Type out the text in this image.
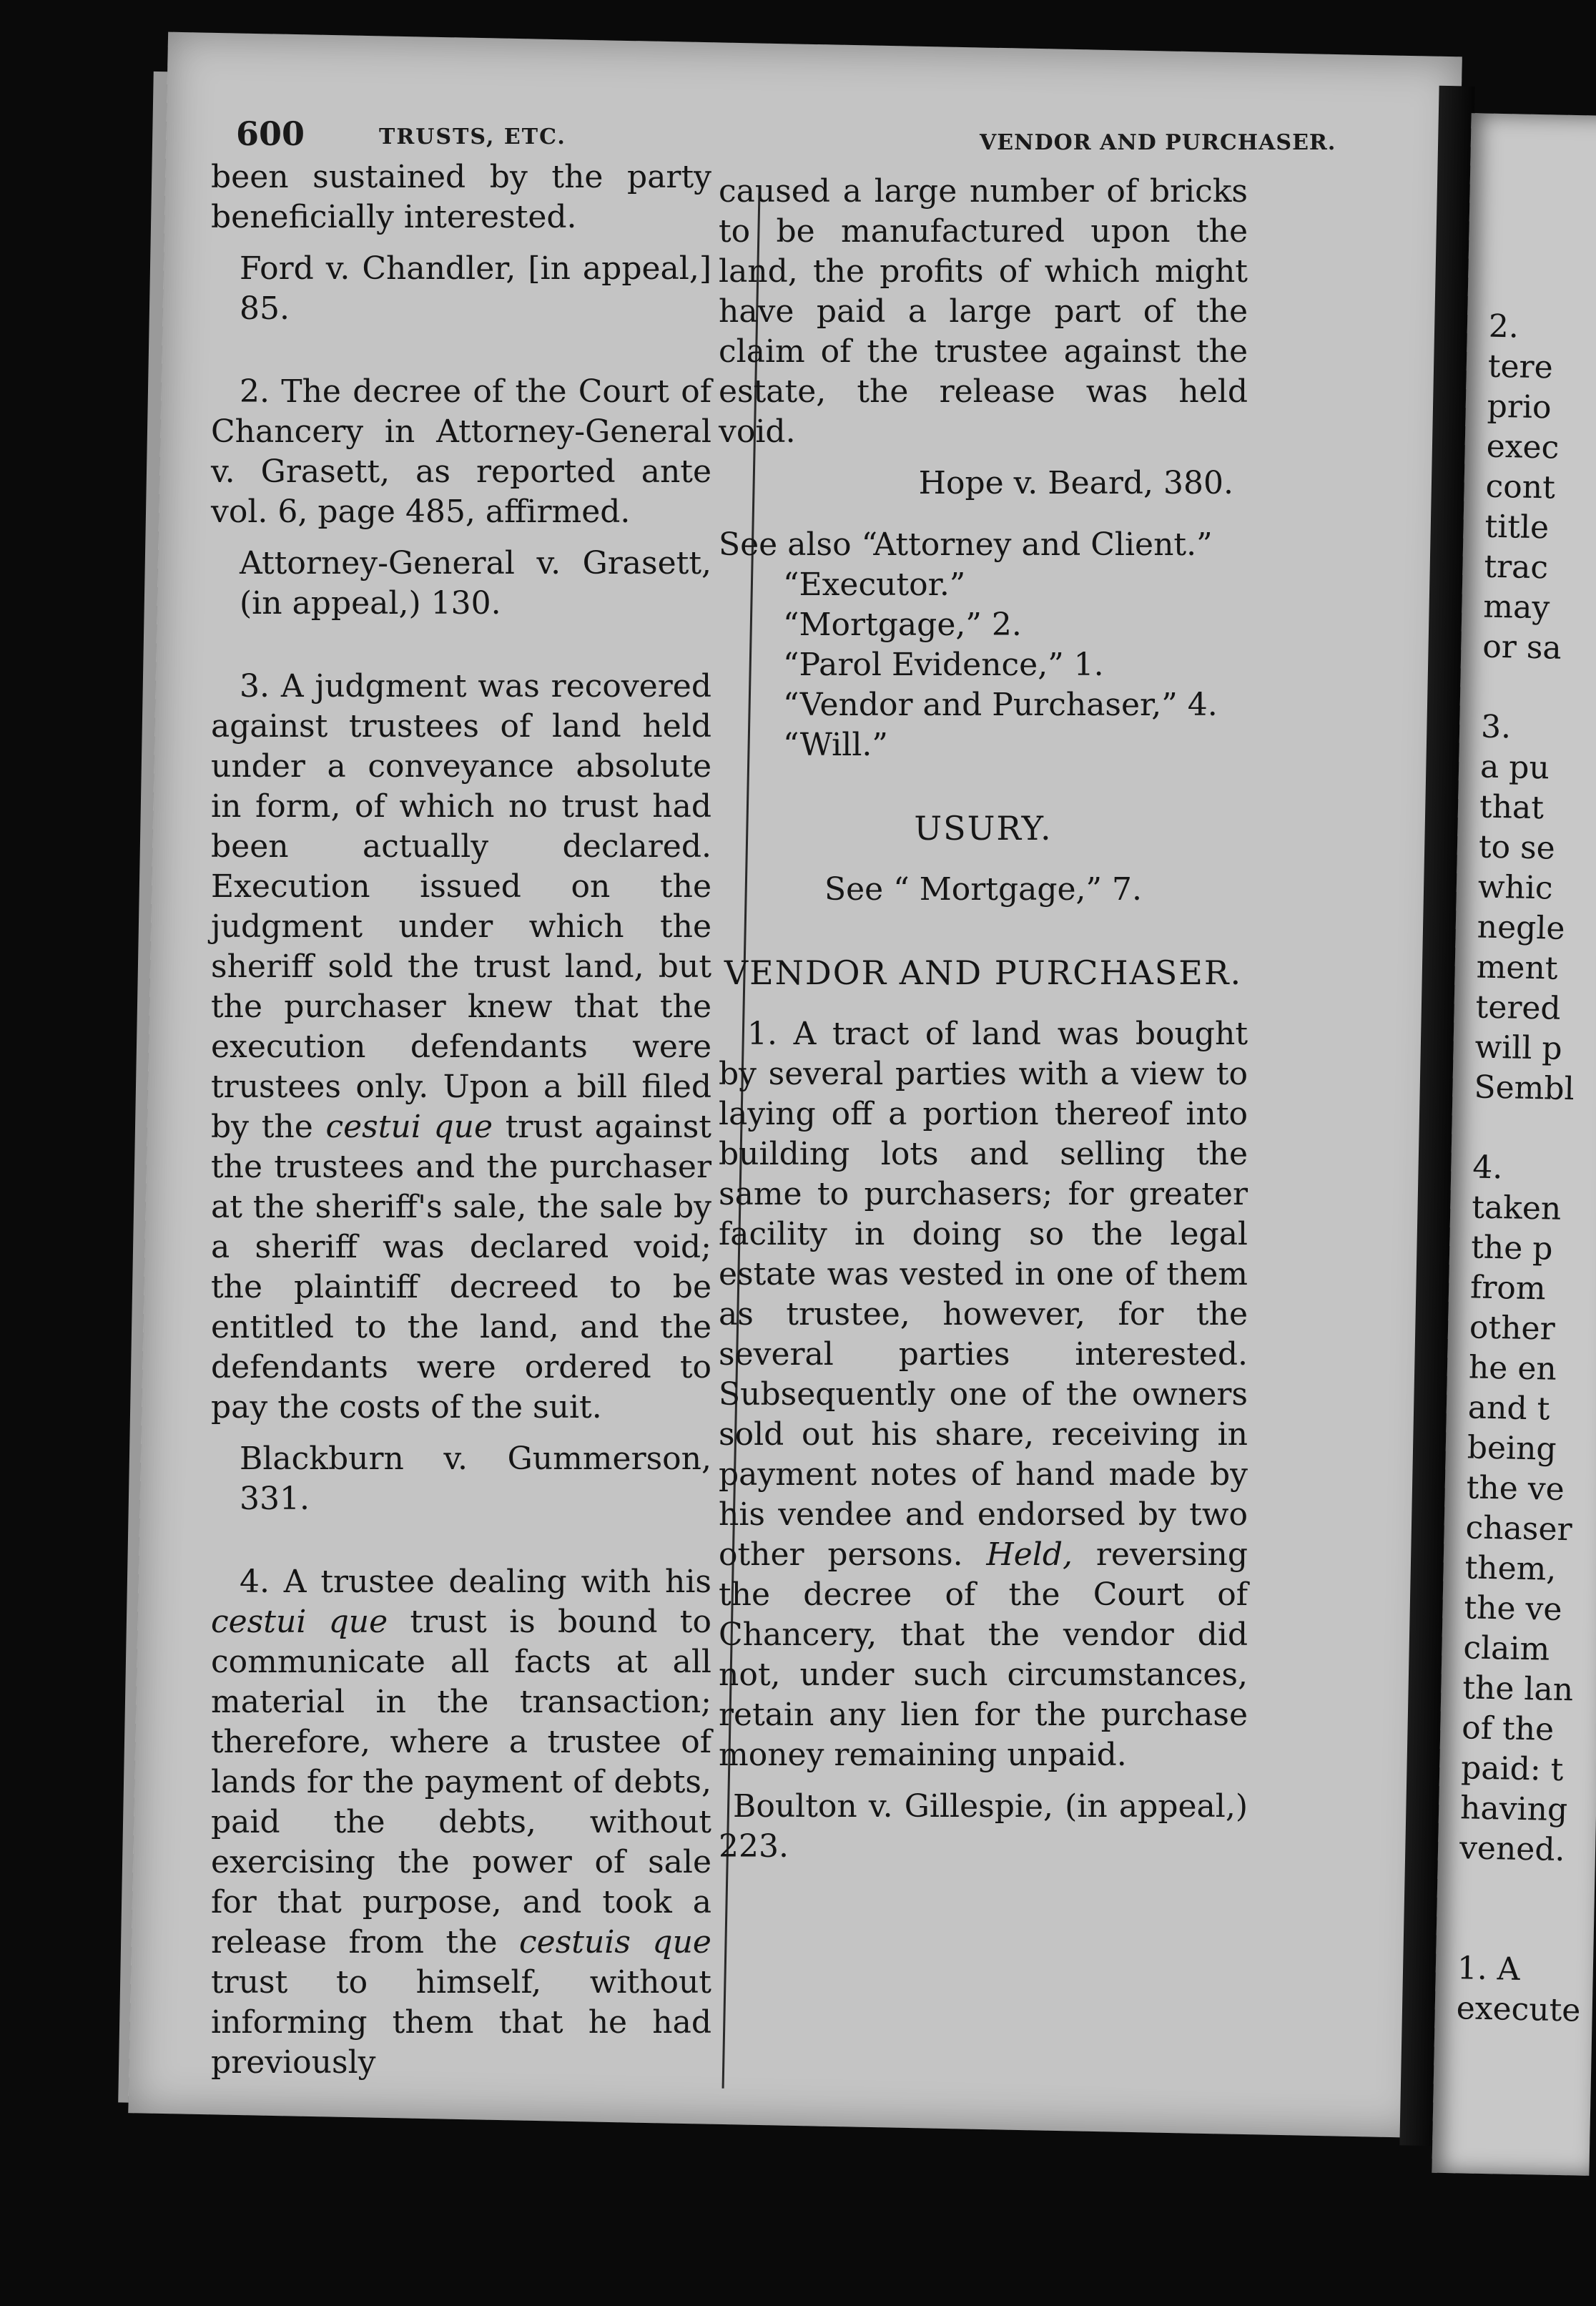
2.
tere
prio
exec
cont
title
trac
may
or sa

3.
a pu
that
to se
whic
negle
ment
tered
will p
Sembl

4.
taken
the p
from
other
he en
and t
being
the ve
chaser
them,
the ve
claim
the lan
of the
paid: t
having
vened.

1. A
execute
600	TRUSTS, ETC.	VENDOR AND PURCHASER.

been sustained by the party beneficially interested.

Ford v. Chandler, [in appeal,] 85.

2. The decree of the Court of Chancery in Attorney-General v. Grasett, as reported ante vol. 6, page 485, affirmed.

Attorney-General v. Grasett, (in appeal,) 130.

3. A judgment was recovered against trustees of land held under a conveyance absolute in form, of which no trust had been actually declared. Execution issued on the judgment under which the sheriff sold the trust land, but the purchaser knew that the execution defendants were trustees only. Upon a bill filed by the cestui que trust against the trustees and the purchaser at the sheriff's sale, the sale by a sheriff was declared void; the plaintiff decreed to be entitled to the land, and the defendants were ordered to pay the costs of the suit.

Blackburn v. Gummerson, 331.

4. A trustee dealing with his cestui que trust is bound to communicate all facts at all material in the transaction; therefore, where a trustee of lands for the payment of debts, paid the debts, without exercising the power of sale for that purpose, and took a release from the cestuis que trust to himself, without informing them that he had previously

caused a large number of bricks to be manufactured upon the land, the profits of which might have paid a large part of the claim of the trustee against the estate, the release was held void.

Hope v. Beard, 380.

See also “Attorney and Client.”

“Executor.”
“Mortgage,” 2.
“Parol Evidence,” 1.
“Vendor and Purchaser,” 4.
“Will.”
USURY.
See “ Mortgage,” 7.
VENDOR AND PURCHASER.

1. A tract of land was bought by several parties with a view to laying off a portion thereof into building lots and selling the same to purchasers; for greater facility in doing so the legal estate was vested in one of them as trustee, however, for the several parties interested. Subsequently one of the owners sold out his share, receiving in payment notes of hand made by his vendee and endorsed by two other persons. Held, reversing the decree of the Court of Chancery, that the vendor did not, under such circumstances, retain any lien for the purchase money remaining unpaid.

Boulton v. Gillespie, (in appeal,) 223.
